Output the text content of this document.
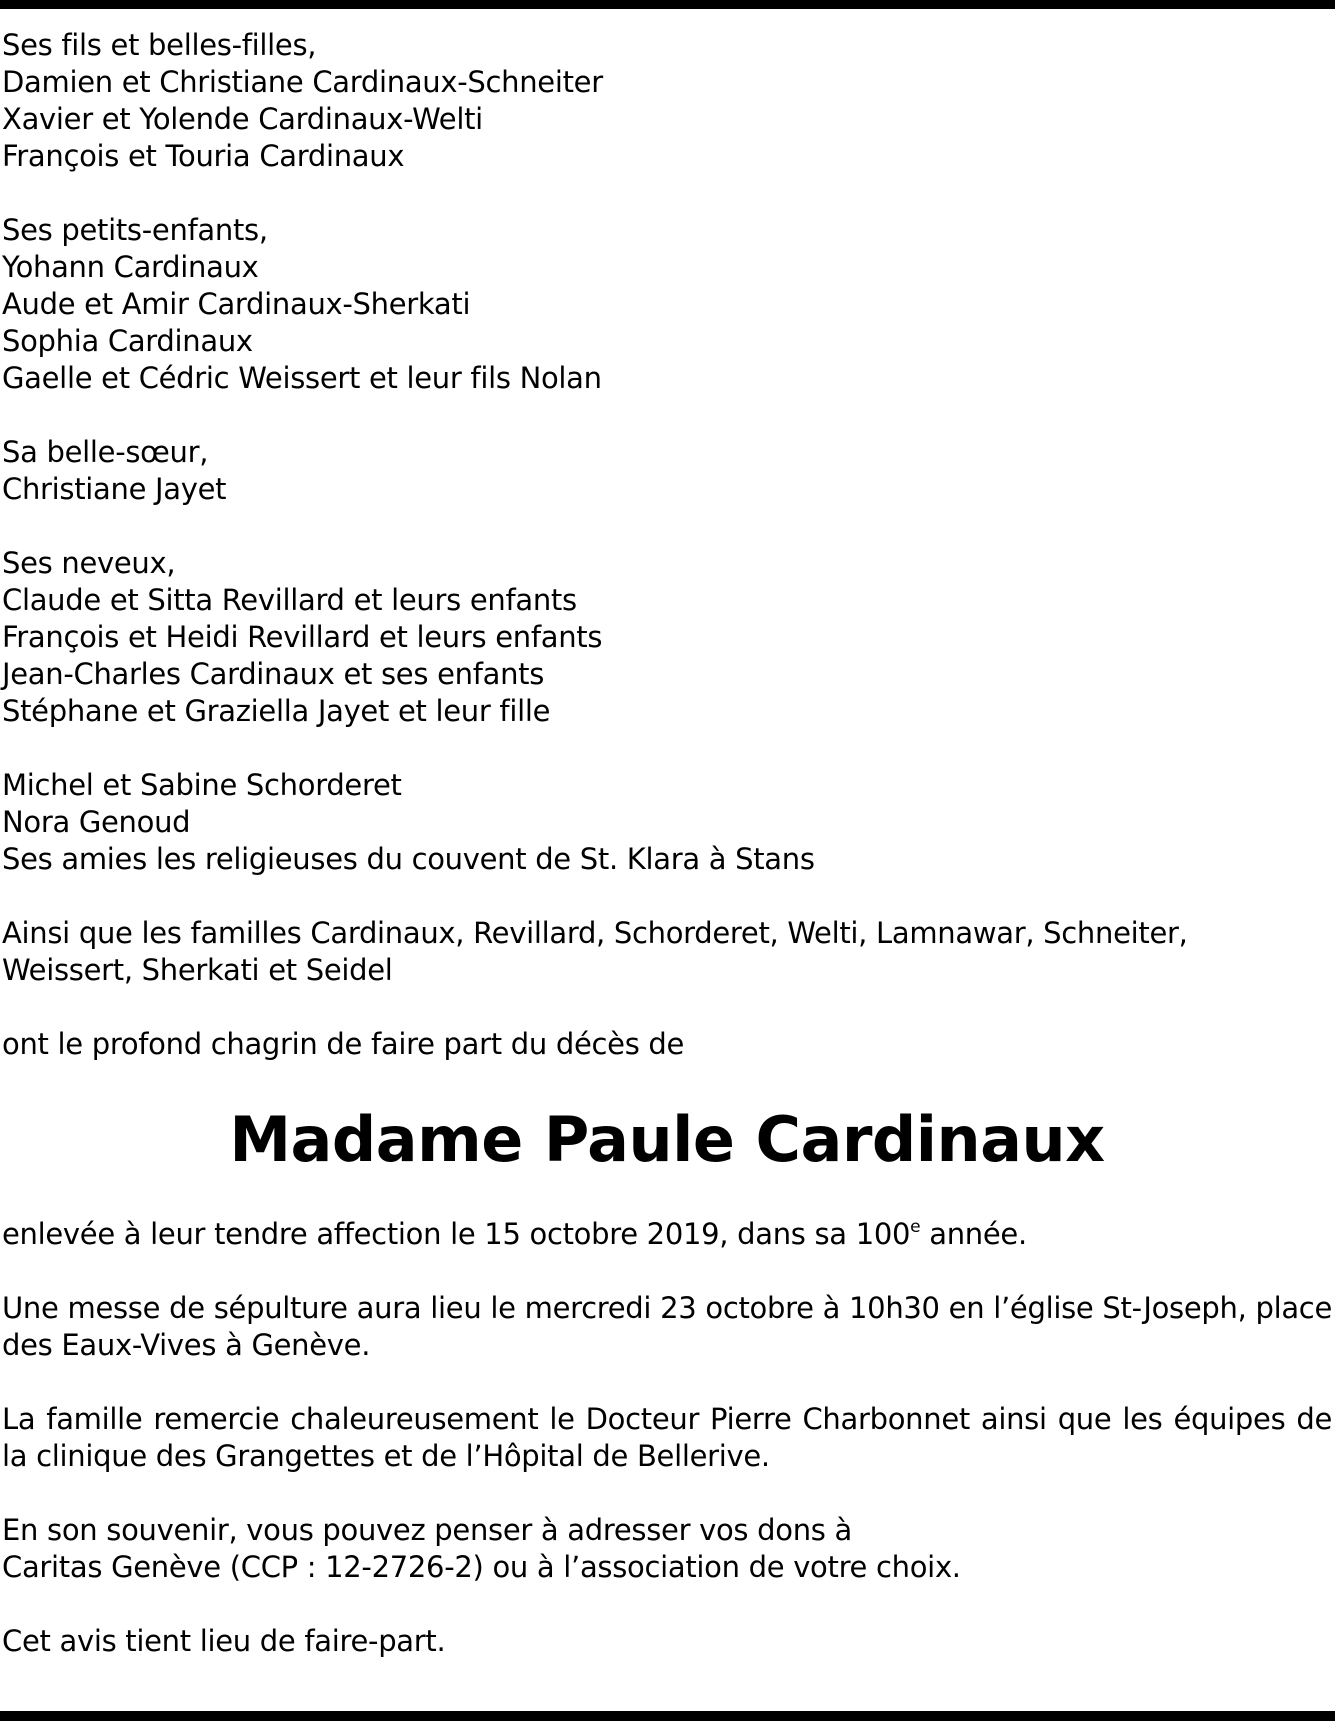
Ses fils et belles-filles,
Damien et Christiane Cardinaux-Schneiter
Xavier et Yolende Cardinaux-Welti
François et Touria Cardinaux

Ses petits-enfants,
Yohann Cardinaux
Aude et Amir Cardinaux-Sherkati
Sophia Cardinaux
Gaelle et Cédric Weissert et leur fils Nolan

Sa belle-sœur,
Christiane Jayet

Ses neveux,
Claude et Sitta Revillard et leurs enfants
François et Heidi Revillard et leurs enfants
Jean-Charles Cardinaux et ses enfants
Stéphane et Graziella Jayet et leur fille

Michel et Sabine Schorderet
Nora Genoud
Ses amies les religieuses du couvent de St. Klara à Stans

Ainsi que les familles Cardinaux, Revillard, Schorderet, Welti, Lamnawar, Schneiter,
Weissert, Sherkati et Seidel

ont le profond chagrin de faire part du décès de

Madame Paule Cardinaux

enlevée à leur tendre affection le 15 octobre 2019, dans sa 100e année.

Une messe de sépulture aura lieu le mercredi 23 octobre à 10h30 en l’église St-Joseph, place des Eaux-Vives à Genève.

La famille remercie chaleureusement le Docteur Pierre Charbonnet ainsi que les équipes de la clinique des Grangettes et de l’Hôpital de Bellerive.

En son souvenir, vous pouvez penser à adresser vos dons à
Caritas Genève (CCP : 12-2726-2) ou à l’association de votre choix.

Cet avis tient lieu de faire-part.
